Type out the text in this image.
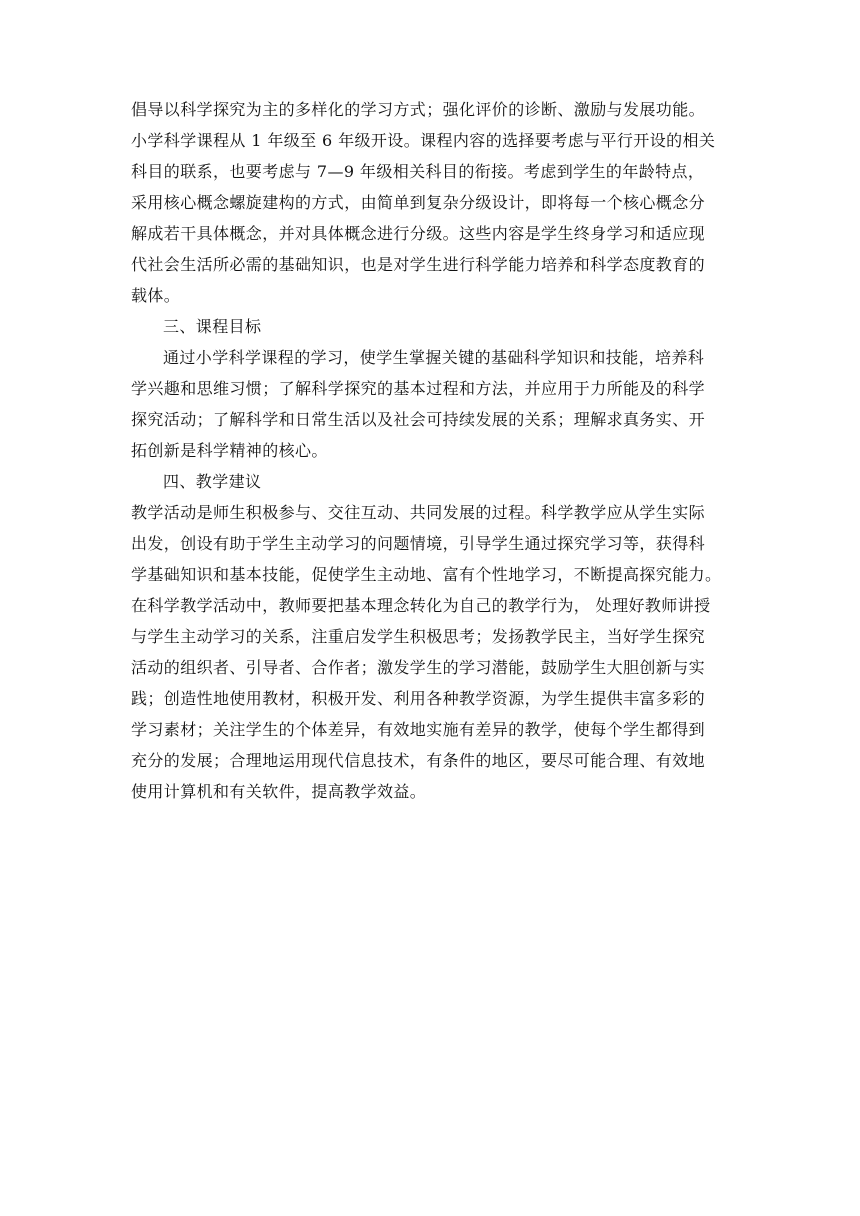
倡导以科学探究为主的多样化的学习方式；强化评价的诊断、激励与发展功能。

小学科学课程从 1 年级至 6 年级开设。课程内容的选择要考虑与平行开设的相关

科目的联系，也要考虑与 7—9 年级相关科目的衔接。考虑到学生的年龄特点，

采用核心概念螺旋建构的方式，由简单到复杂分级设计，即将每一个核心概念分

解成若干具体概念，并对具体概念进行分级。这些内容是学生终身学习和适应现

代社会生活所必需的基础知识，也是对学生进行科学能力培养和科学态度教育的

载体。

三、课程目标

通过小学科学课程的学习，使学生掌握关键的基础科学知识和技能，培养科

学兴趣和思维习惯；了解科学探究的基本过程和方法，并应用于力所能及的科学

探究活动；了解科学和日常生活以及社会可持续发展的关系；理解求真务实、开

拓创新是科学精神的核心。

四、教学建议

教学活动是师生积极参与、交往互动、共同发展的过程。科学教学应从学生实际

出发，创设有助于学生主动学习的问题情境，引导学生通过探究学习等，获得科

学基础知识和基本技能，促使学生主动地、富有个性地学习，不断提高探究能力。

在科学教学活动中，教师要把基本理念转化为自己的教学行为， 处理好教师讲授

与学生主动学习的关系，注重启发学生积极思考；发扬教学民主，当好学生探究

活动的组织者、引导者、合作者；激发学生的学习潜能，鼓励学生大胆创新与实

践；创造性地使用教材，积极开发、利用各种教学资源，为学生提供丰富多彩的

学习素材；关注学生的个体差异，有效地实施有差异的教学，使每个学生都得到

充分的发展；合理地运用现代信息技术，有条件的地区，要尽可能合理、有效地

使用计算机和有关软件，提高教学效益。
